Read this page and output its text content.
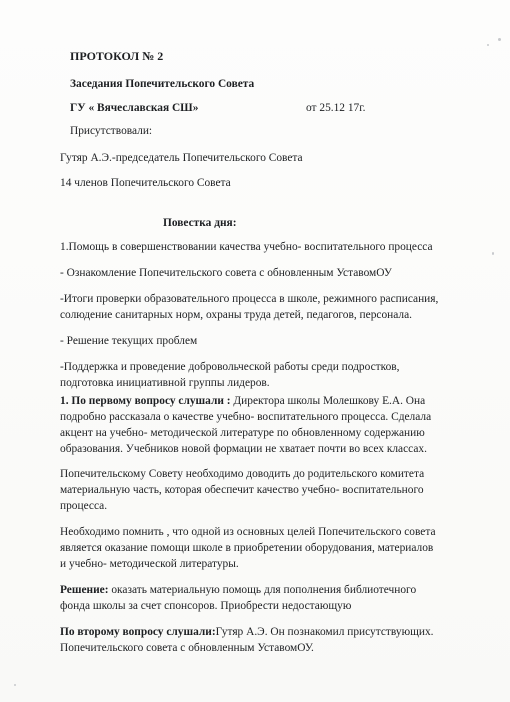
ПРОТОКОЛ № 2
Заседания Попечительского Совета
ГУ « Вячеславская СШ»	от 25.12 17г.
Присутствовали:
Гутяр А.Э.-председатель Попечительского Совета
14 членов Попечительского Совета
Повестка дня:
1.Помощь в совершенствовании качества учебно- воспитательного процесса
- Ознакомление Попечительского совета с обновленным УставомОУ
-Итоги проверки образовательного процесса в школе, режимного расписания,
солюдение санитарных норм, охраны труда детей, педагогов, персонала.
- Решение текущих проблем
-Поддержка и проведение добровольческой работы среди подростков,
подготовка инициативной группы лидеров.
1. По первому вопросу слушали : Директора школы Молешкову Е.А. Она
подробно рассказала о качестве учебно- воспитательного процесса. Сделала
акцент на учебно- методической литературе по обновленному содержанию
образования. Учебников новой формации не хватает почти во всех классах.
Попечительскому Совету необходимо доводить до родительского комитета
материальную часть, которая обеспечит качество учебно- воспитательного
процесса.
Необходимо помнить , что одной из основных целей Попечительского совета
является оказание помощи школе в приобретении оборудования, материалов
и учебно- методической литературы.
Решение: оказать материальную помощь для пополнения библиотечного
фонда школы за счет спонсоров. Приобрести недостающую
По второму вопросу слушали:Гутяр А.Э. Он познакомил присутствующих.
Попечительского совета с обновленным УставомОУ.
